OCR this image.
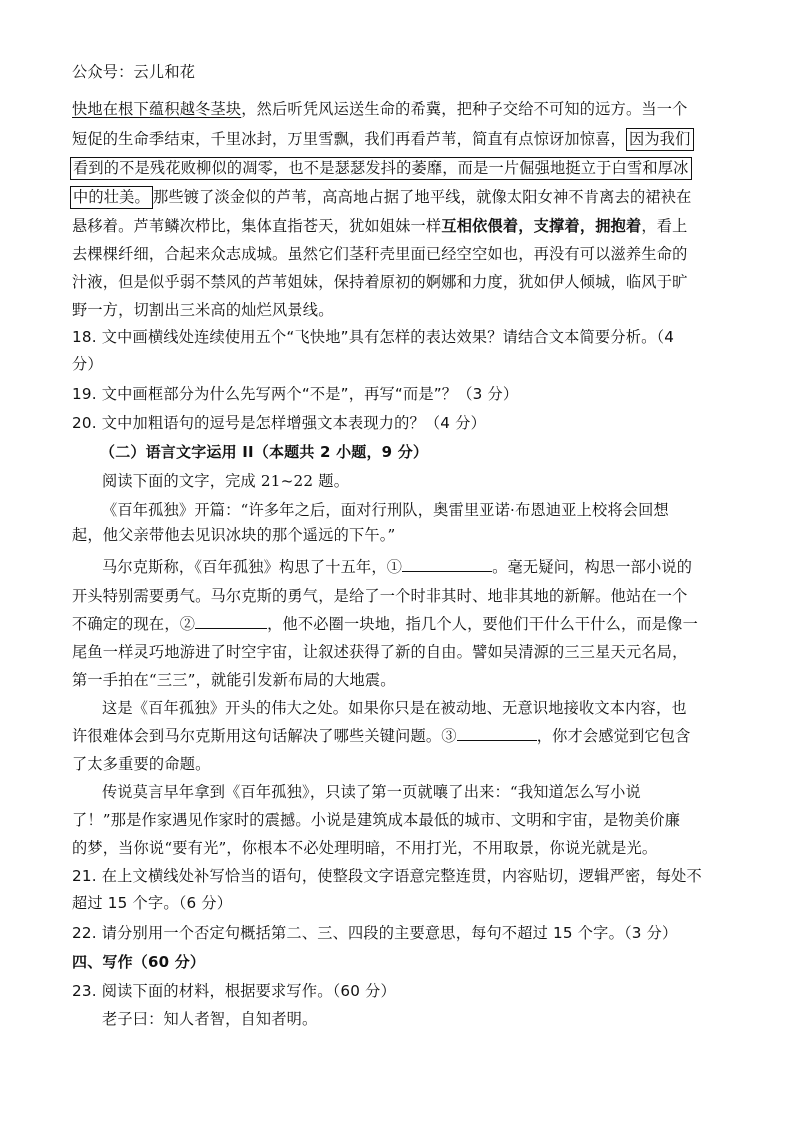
公众号：云儿和花
快地在根下蕴积越冬茎块，然后听凭风运送生命的希冀，把种子交给不可知的远方。当一个
短促的生命季结束，千里冰封，万里雪飘，我们再看芦苇，简直有点惊讶加惊喜， 因为我们
看到的不是残花败柳似的凋零，也不是瑟瑟发抖的萎靡，而是一片倔强地挺立于白雪和厚冰
中的壮美。 那些镀了淡金似的芦苇，高高地占据了地平线，就像太阳女神不肯离去的裙袂在
悬移着。芦苇鳞次栉比，集体直指苍天，犹如姐妹一样互相依偎着，支撑着，拥抱着，看上
去棵棵纤细，合起来众志成城。虽然它们茎秆壳里面已经空空如也，再没有可以滋养生命的
汁液，但是似乎弱不禁风的芦苇姐妹，保持着原初的婀娜和力度，犹如伊人倾城，临风于旷
野一方，切割出三米高的灿烂风景线。
18. 文中画横线处连续使用五个“飞快地”具有怎样的表达效果？请结合文本简要分析。（4
分）
19. 文中画框部分为什么先写两个“不是”，再写“而是”？（3 分）
20. 文中加粗语句的逗号是怎样增强文本表现力的？（4 分）
（二）语言文字运用 II（本题共 2 小题，9 分）
阅读下面的文字，完成 21~22 题。
《百年孤独》开篇：“许多年之后，面对行刑队，奥雷里亚诺·布恩迪亚上校将会回想
起，他父亲带他去见识冰块的那个遥远的下午。”
马尔克斯称，《百年孤独》构思了十五年，①	。毫无疑问，构思一部小说的
开头特别需要勇气。马尔克斯的勇气，是给了一个时非其时、地非其地的新解。他站在一个
不确定的现在，②	，他不必圈一块地，指几个人，要他们干什么干什么，而是像一
尾鱼一样灵巧地游进了时空宇宙，让叙述获得了新的自由。譬如吴清源的三三星天元名局，
第一手拍在“三三”，就能引发新布局的大地震。
这是《百年孤独》开头的伟大之处。如果你只是在被动地、无意识地接收文本内容，也
许很难体会到马尔克斯用这句话解决了哪些关键问题。③	，你才会感觉到它包含
了太多重要的命题。
传说莫言早年拿到《百年孤独》，只读了第一页就嚷了出来：“我知道怎么写小说
了！”那是作家遇见作家时的震撼。小说是建筑成本最低的城市、文明和宇宙，是物美价廉
的梦，当你说“要有光”，你根本不必处理明暗，不用打光，不用取景，你说光就是光。
21. 在上文横线处补写恰当的语句，使整段文字语意完整连贯，内容贴切，逻辑严密，每处不
超过 15 个字。（6 分）
22. 请分别用一个否定句概括第二、三、四段的主要意思，每句不超过 15 个字。（3 分）
四、写作（60 分）
23. 阅读下面的材料，根据要求写作。（60 分）
老子曰：知人者智，自知者明。
